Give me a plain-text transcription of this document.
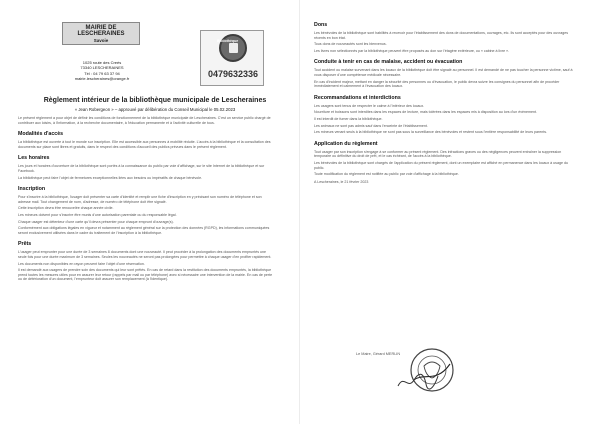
MAIRIE DE LESCHERAINES
Savoie
1025 route des Creés
73340 LESCHERAINES
Tél : 04 79 63 37 94
mairie.lescheraines@orange.fr
Bibliothèque
0479632336
Règlement intérieur de la bibliothèque municipale de Lescheraines
« Jean Robergeon » – approuvé par délibération du Conseil Municipal le 05.02.2023

Le présent règlement a pour objet de définir les conditions de fonctionnement de la bibliothèque municipale de Lescheraines. C'est un service public chargé de contribuer aux loisirs, à l'information, à la recherche documentaire, à l'éducation permanente et à l'activité culturelle de tous.

Modalités d'accès

La bibliothèque est ouverte à tout le monde sur inscription. Elle est accessible aux personnes à mobilité réduite. L'accès à la bibliothèque et la consultation des documents sur place sont libres et gratuits, dans le respect des conditions d'accueil des publics prévues dans le présent règlement.

Les horaires

Les jours et horaires d'ouverture de la bibliothèque sont portés à la connaissance du public par voie d'affichage, sur le site Internet de la bibliothèque et sur Facebook.

La bibliothèque peut faire l'objet de fermetures exceptionnelles liées aux besoins ou impératifs de chaque bénévole.

Inscription

Pour s'inscrire à la bibliothèque, l'usager doit présenter sa carte d'identité et remplir une fiche d'inscription en y précisant son numéro de téléphone et son adresse mail. Tout changement de nom, d'adresse, de numéro de téléphone doit être signalé.

Cette inscription devra être renouvelée chaque année civile.

Les mineurs doivent pour s'inscrire être munis d'une autorisation parentale ou du responsable légal.

Chaque usager est détenteur d'une carte qu'il devra présenter pour chaque emprunt d'ouvrage(s).

Conformément aux obligations légales en vigueur et notamment au règlement général sur la protection des données (RGPD), les informations communiquées seront exclusivement utilisées dans le cadre du traitement de l'inscription à la bibliothèque.

Prêts

L'usager peut emprunter pour une durée de 3 semaines 8 documents dont une nouveauté. Il peut procéder à la prolongation des documents empruntés une seule fois pour une durée maximum de 3 semaines. Seules les nouveautés ne seront pas prolongées pour permettre à chaque usager d'en profiter rapidement.

Les documents non disponibles en rayon peuvent faire l'objet d'une réservation.

Il est demandé aux usagers de prendre soin des documents qui leur sont prêtés. En cas de retard dans la restitution des documents empruntés, la bibliothèque prend toutes les mesures utiles pour en assurer leur retour (rappels par mail ou par téléphone) avec si nécessaire une intervention de la mairie. En cas de perte ou de détérioration d'un document, l'emprunteur doit assurer son remplacement (à l'identique).

Dons

Les bénévoles de la bibliothèque sont habilités à recevoir pour l'établissement des dons de documentations, ouvrages, etc. Ils sont acceptés pour des ouvrages récents en bon état.

Tous dons de nouveautés sont les bienvenus.

Les livres non sélectionnés par la bibliothèque peuvent être proposés au don sur l'étagère extérieure, ou « cabine à livre ».

Conduite à tenir en cas de malaise, accident ou évacuation

Tout accident ou malaise survenant dans les locaux de la bibliothèque doit être signalé au personnel. Il est demandé de ne pas toucher la personne victime, sauf à vous disposer d'une compétence médicale nécessaire.

En cas d'incident majeur, mettant en danger la sécurité des personnes ou d'évacuation, le public devra suivre les consignes du personnel afin de procéder immédiatement et calmement à l'évacuation des locaux.

Recommandations et interdictions

Les usagers sont tenus de respecter le calme à l'intérieur des locaux.

Nourriture et boissons sont interdites dans les espaces de lecture, mais tolérées dans les espaces mis à disposition au lors d'un évènement.

Il est interdit de fumer dans la bibliothèque.

Les animaux ne sont pas admis sauf dans l'enceinte de l'établissement.

Les mineurs venant seuls à la bibliothèque ne sont pas sous la surveillance des bénévoles et restent sous l'entière responsabilité de leurs parents.

Application du règlement

Tout usager par son inscription s'engage à se conformer au présent règlement. Des infractions graves ou des négligences peuvent entraîner la suppression temporaire ou définitive du droit de prêt, et le cas échéant, de l'accès à la bibliothèque.

Les bénévoles de la bibliothèque sont chargés de l'application du présent règlement, dont un exemplaire est affiché en permanence dans les locaux à usage du public.

Toute modification du règlement est notifiée au public par voie d'affichage à la bibliothèque.

A Lescheraines, le 21 février 2023

Le Maire, Gérard MERLIN
